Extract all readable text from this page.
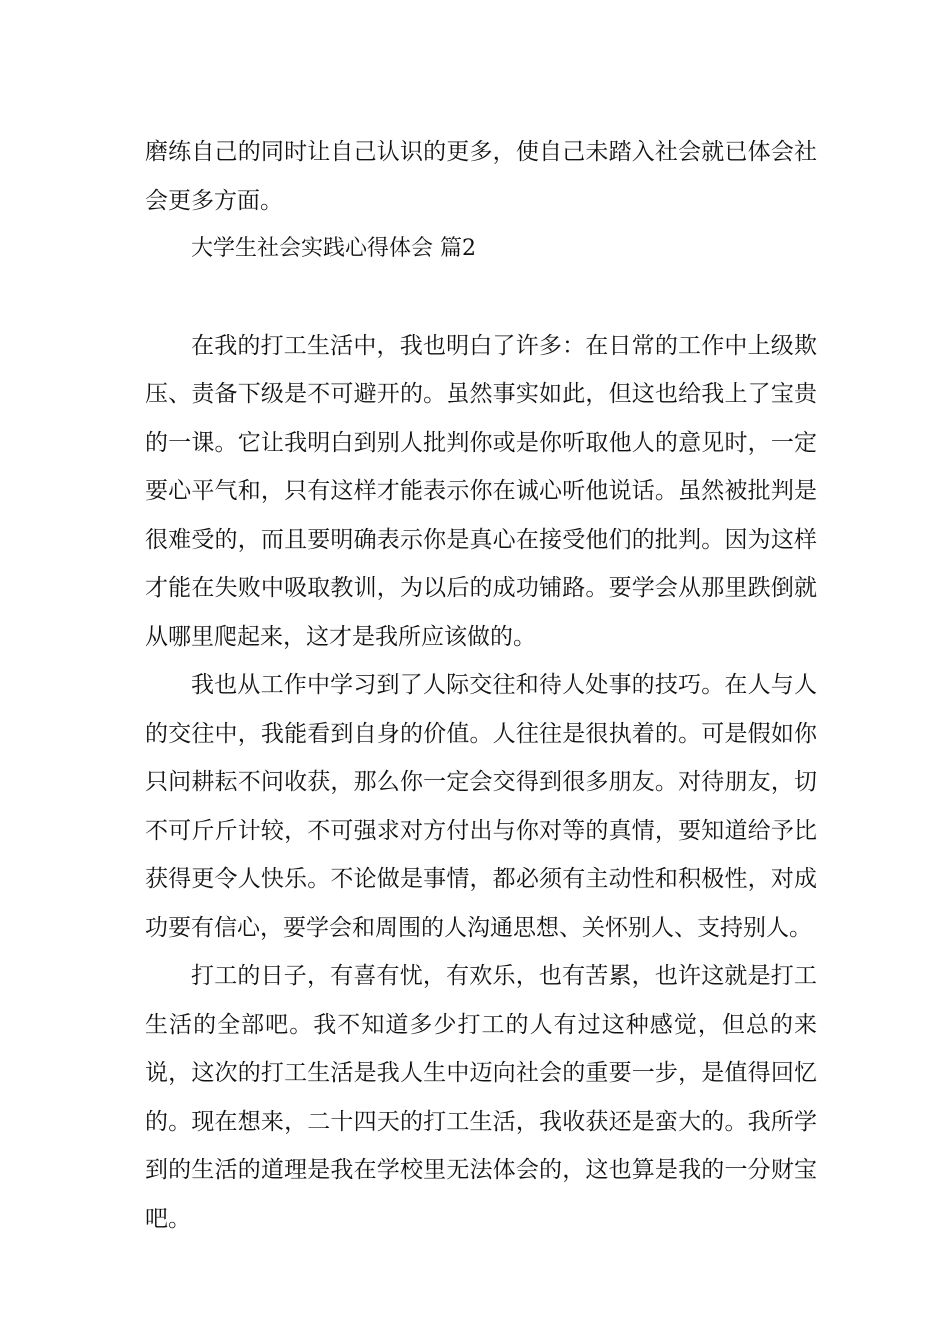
磨练自己的同时让自己认识的更多，使自己未踏入社会就已体会社会更多方面。

大学生社会实践心得体会 篇2

在我的打工生活中，我也明白了许多：在日常的工作中上级欺压、责备下级是不可避开的。虽然事实如此，但这也给我上了宝贵的一课。它让我明白到别人批判你或是你听取他人的意见时，一定要心平气和，只有这样才能表示你在诚心听他说话。虽然被批判是很难受的，而且要明确表示你是真心在接受他们的批判。因为这样才能在失败中吸取教训，为以后的成功铺路。要学会从那里跌倒就从哪里爬起来，这才是我所应该做的。

我也从工作中学习到了人际交往和待人处事的技巧。在人与人的交往中，我能看到自身的价值。人往往是很执着的。可是假如你只问耕耘不问收获，那么你一定会交得到很多朋友。对待朋友，切不可斤斤计较，不可强求对方付出与你对等的真情，要知道给予比获得更令人快乐。不论做是事情，都必须有主动性和积极性，对成功要有信心，要学会和周围的人沟通思想、关怀别人、支持别人。

打工的日子，有喜有忧，有欢乐，也有苦累，也许这就是打工生活的全部吧。我不知道多少打工的人有过这种感觉，但总的来说，这次的打工生活是我人生中迈向社会的重要一步，是值得回忆的。现在想来，二十四天的打工生活，我收获还是蛮大的。我所学到的生活的道理是我在学校里无法体会的，这也算是我的一分财宝吧。
